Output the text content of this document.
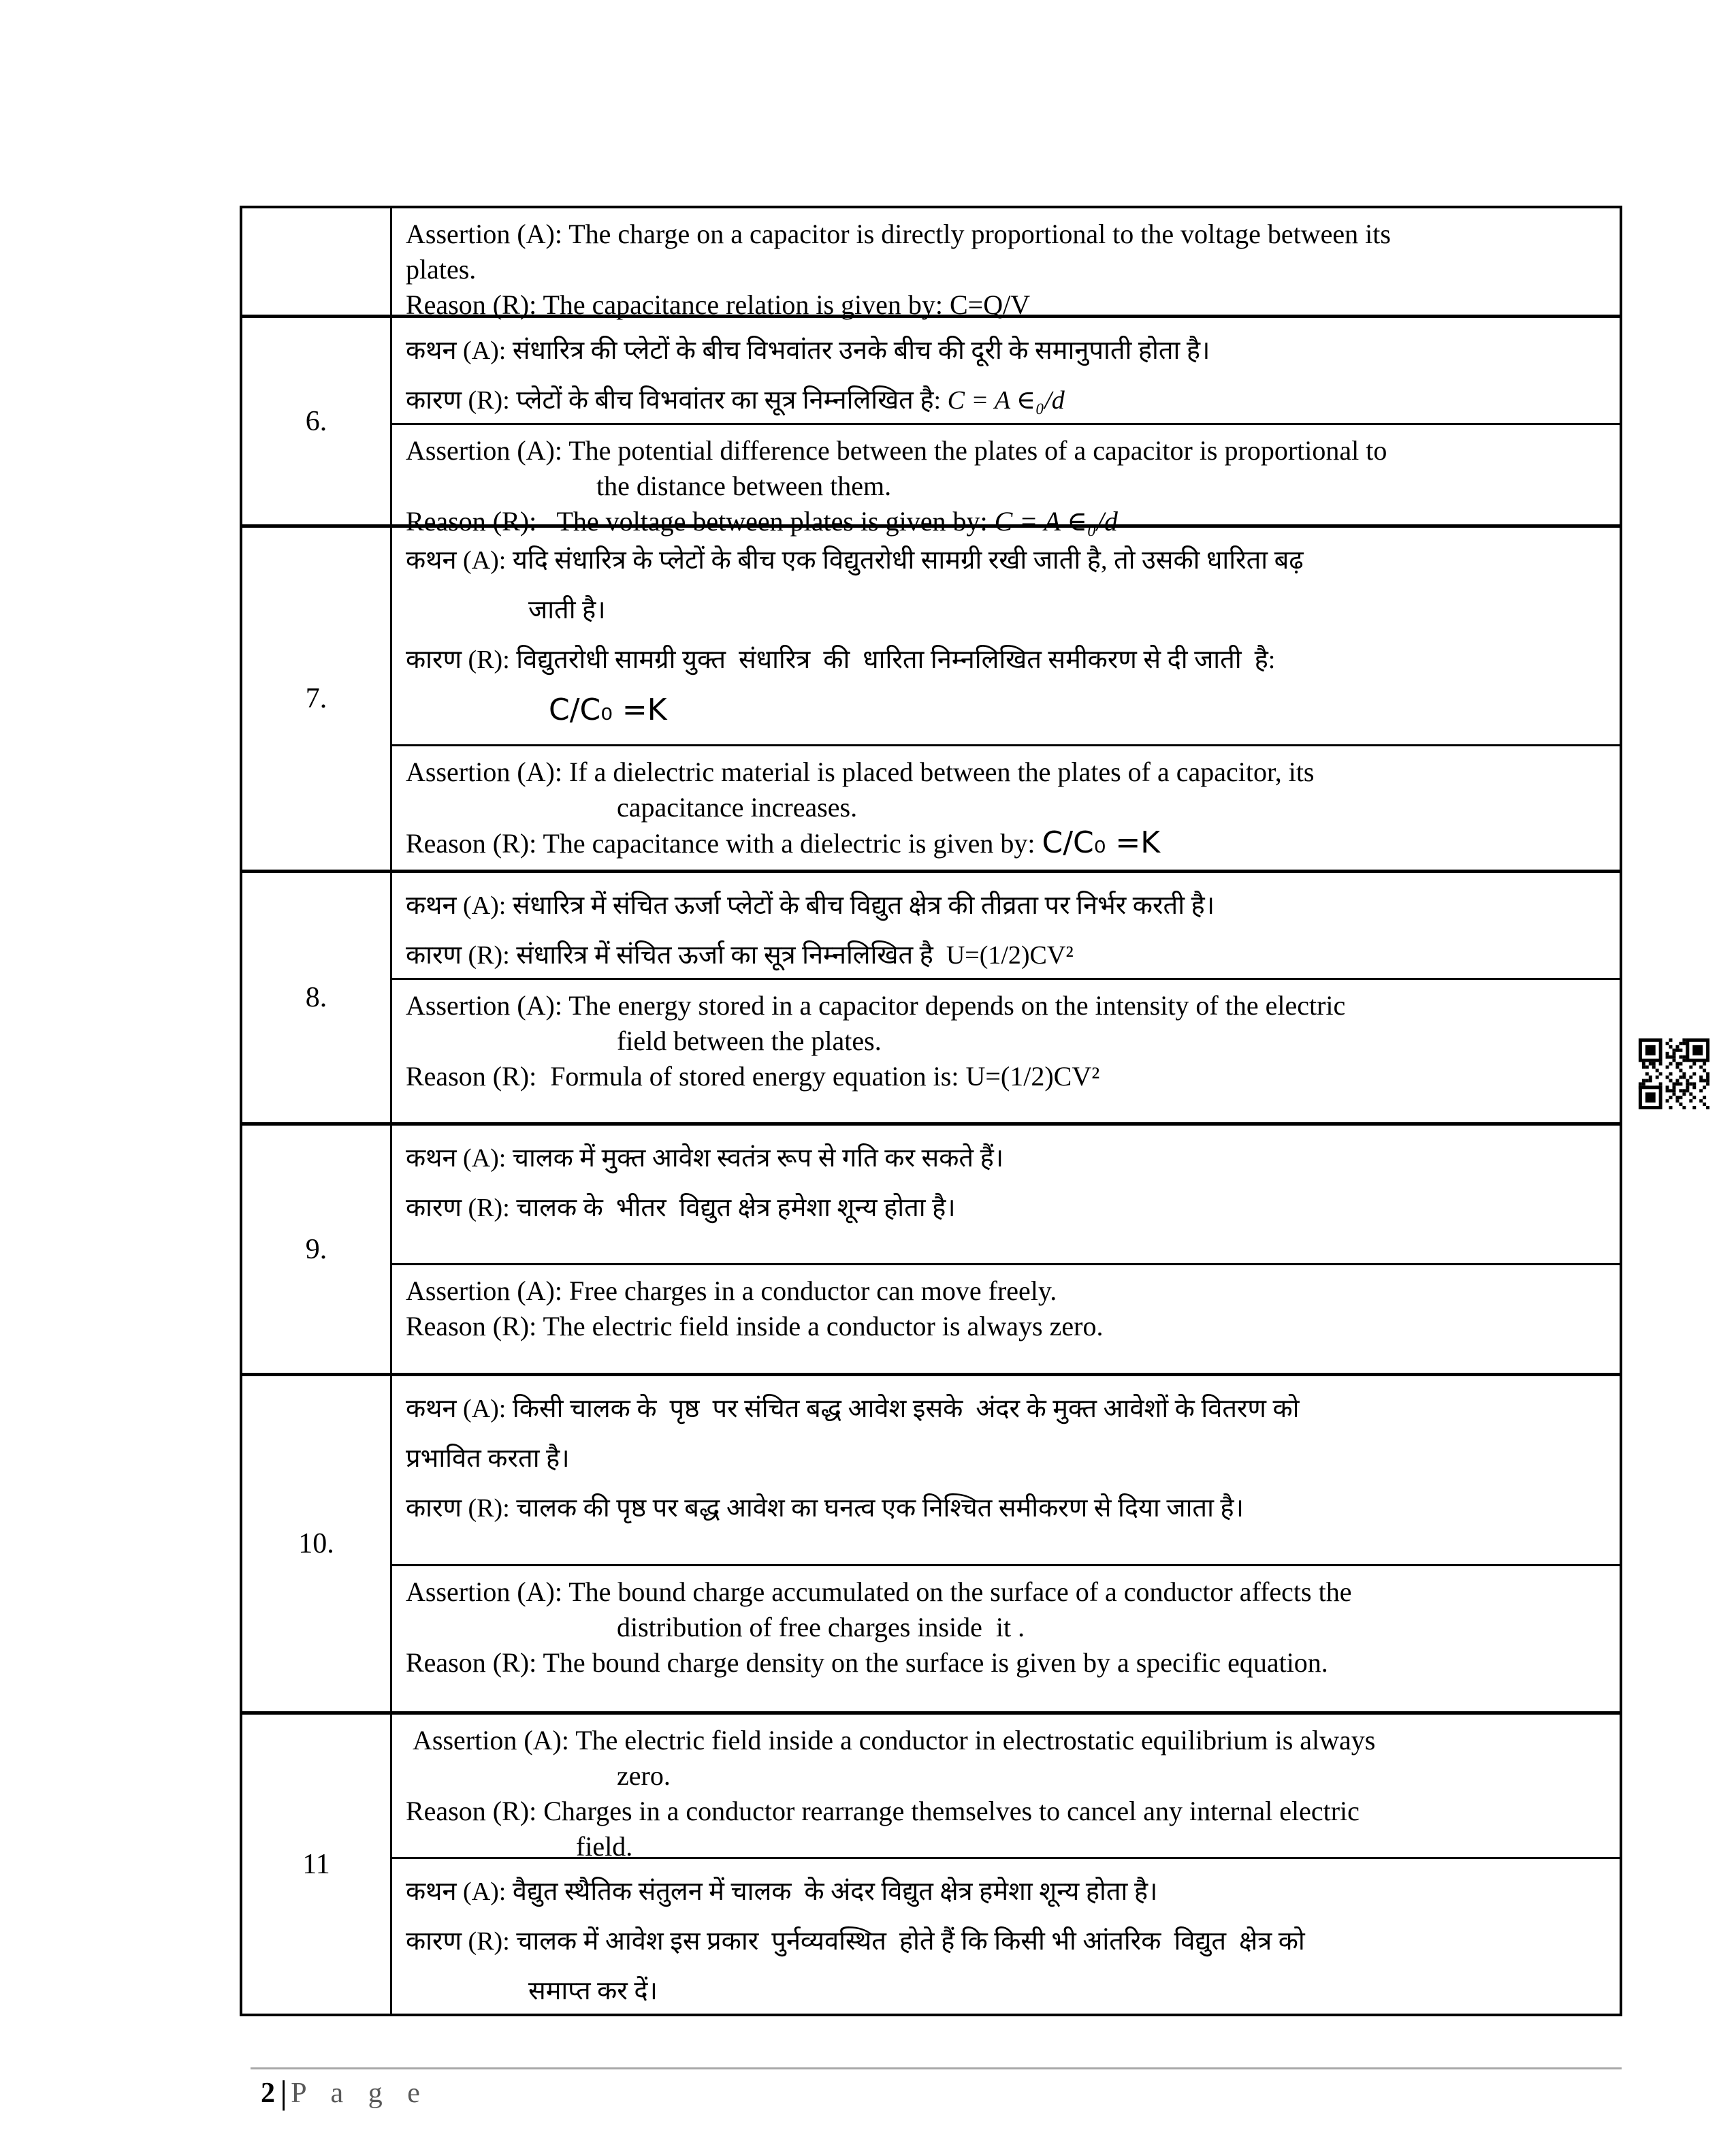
Assertion (A): The charge on a capacitor is directly proportional to the voltage between its
plates.
Reason (R): The capacitance relation is given by: C=Q/V
6.
कथन (A): संधारित्र की प्लेटों के बीच विभवांतर उनके बीच की दूरी के समानुपाती होता है।
कारण (R): प्लेटों के बीच विभवांतर का सूत्र निम्नलिखित है: C = A ∈₀/d
Assertion (A): The potential difference between the plates of a capacitor is proportional to
the distance between them.
Reason (R):   The voltage between plates is given by: C = A ∈₀/d
7.
कथन (A): यदि संधारित्र के प्लेटों के बीच एक विद्युतरोधी सामग्री रखी जाती है, तो उसकी धारिता बढ़
जाती है।
कारण (R): विद्युतरोधी सामग्री युक्त  संधारित्र  की  धारिता निम्नलिखित समीकरण से दी जाती  है:
C/C₀ =K
Assertion (A): If a dielectric material is placed between the plates of a capacitor, its
capacitance increases.
Reason (R): The capacitance with a dielectric is given by: C/C₀ =K
8.
कथन (A): संधारित्र में संचित ऊर्जा प्लेटों के बीच विद्युत क्षेत्र की तीव्रता पर निर्भर करती है।
कारण (R): संधारित्र में संचित ऊर्जा का सूत्र निम्नलिखित है  U=(1/2)CV²
Assertion (A): The energy stored in a capacitor depends on the intensity of the electric
field between the plates.
Reason (R):  Formula of stored energy equation is: U=(1/2)CV²
9.
कथन (A): चालक में मुक्त आवेश स्वतंत्र रूप से गति कर सकते हैं।
कारण (R): चालक के  भीतर  विद्युत क्षेत्र हमेशा शून्य होता है।
Assertion (A): Free charges in a conductor can move freely.
Reason (R): The electric field inside a conductor is always zero.
10.
कथन (A): किसी चालक के  पृष्ठ  पर संचित बद्ध आवेश इसके  अंदर के मुक्त आवेशों के वितरण को
प्रभावित करता है।
कारण (R): चालक की पृष्ठ पर बद्ध आवेश का घनत्व एक निश्चित समीकरण से दिया जाता है।
Assertion (A): The bound charge accumulated on the surface of a conductor affects the
distribution of free charges inside  it .
Reason (R): The bound charge density on the surface is given by a specific equation.
11
Assertion (A): The electric field inside a conductor in electrostatic equilibrium is always
zero.
Reason (R): Charges in a conductor rearrange themselves to cancel any internal electric
field.
कथन (A): वैद्युत स्थैतिक संतुलन में चालक  के अंदर विद्युत क्षेत्र हमेशा शून्य होता है।
कारण (R): चालक में आवेश इस प्रकार  पुर्नव्यवस्थित  होते हैं कि किसी भी आंतरिक  विद्युत  क्षेत्र को
समाप्त कर दें।
2 | P a g e
